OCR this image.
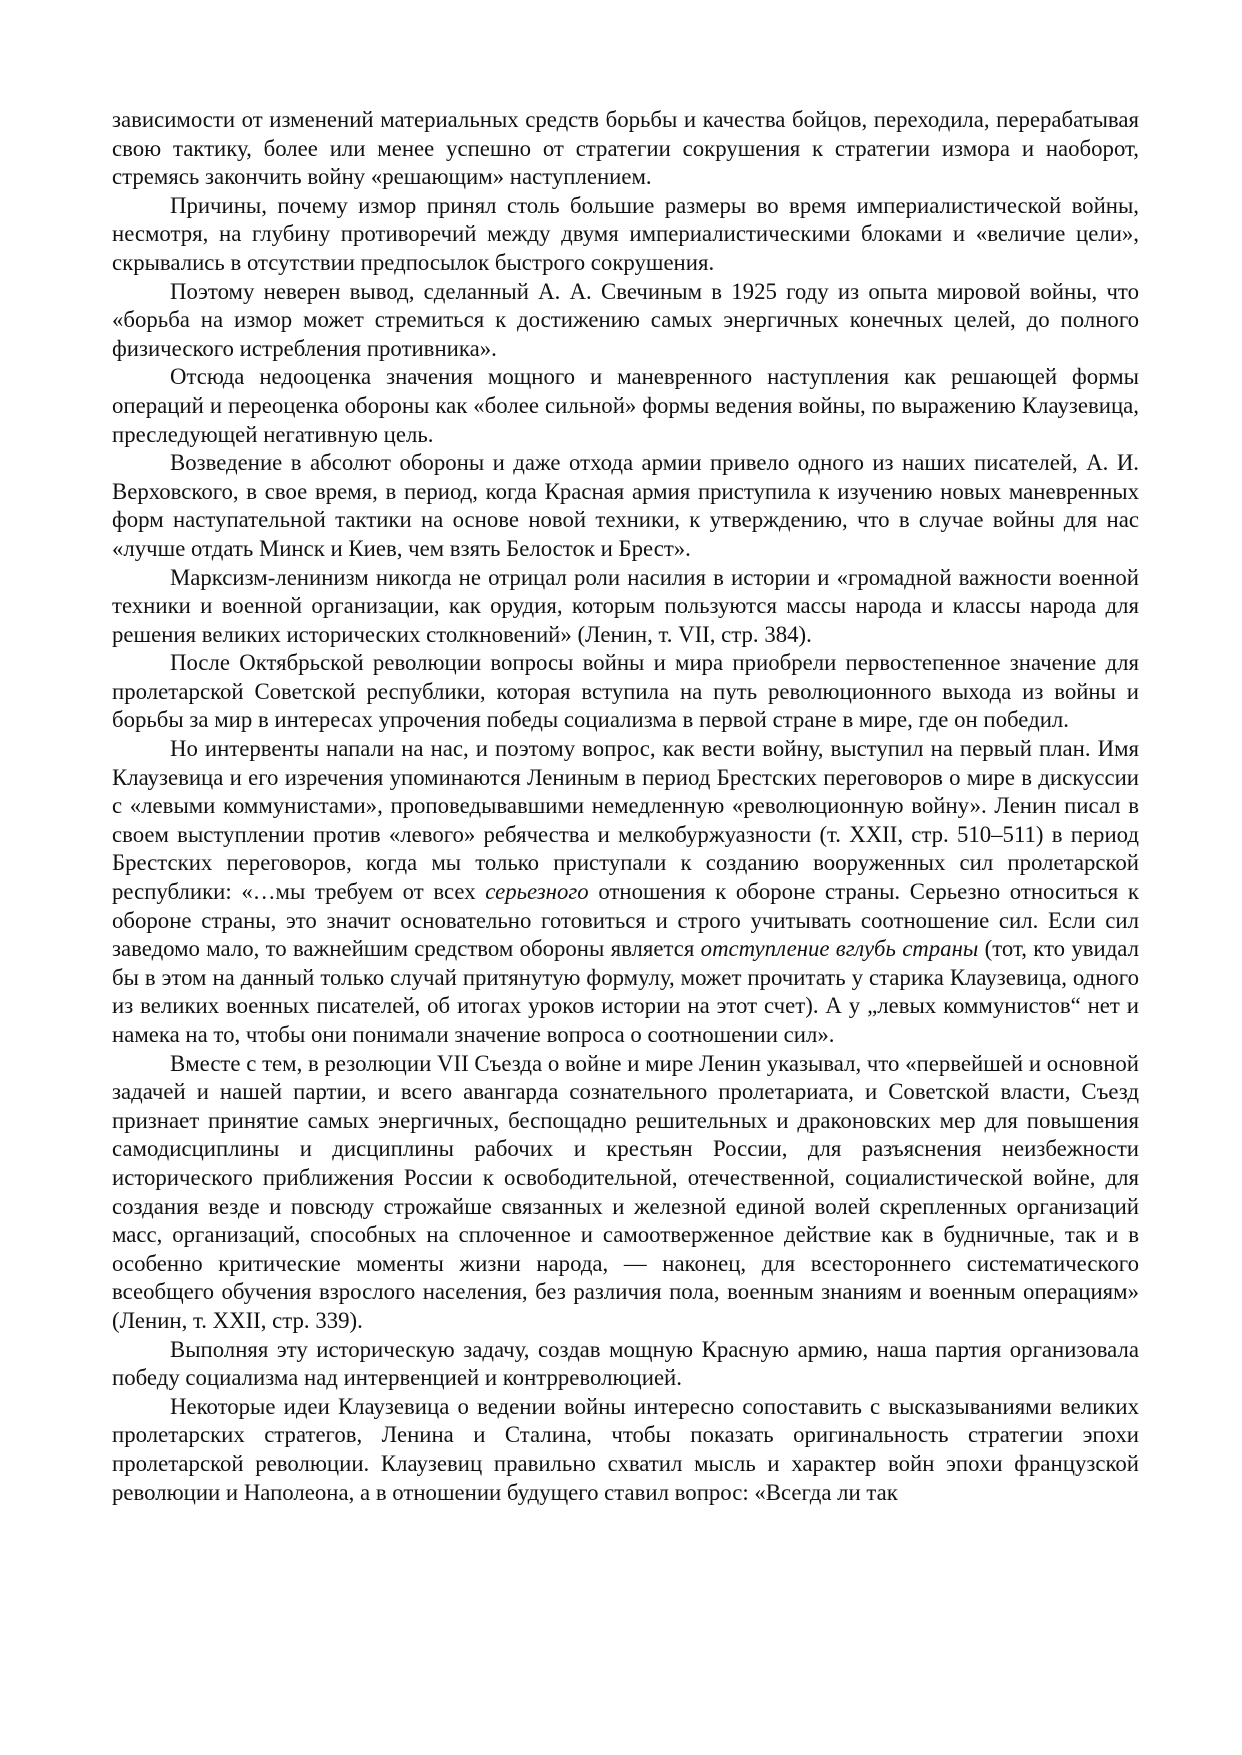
зависимости от изменений материальных средств борьбы и качества бойцов, переходила, перерабатывая свою тактику, более или менее успешно от стратегии сокрушения к стратегии измора и наоборот, стремясь закончить войну «решающим» наступлением.

Причины, почему измор принял столь большие размеры во время империалистической войны, несмотря, на глубину противоречий между двумя империалистическими блоками и «величие цели», скрывались в отсутствии предпосылок быстрого сокрушения.

Поэтому неверен вывод, сделанный А. А. Свечиным в 1925 году из опыта мировой войны, что «борьба на измор может стремиться к достижению самых энергичных конечных целей, до полного физического истребления противника».

Отсюда недооценка значения мощного и маневренного наступления как решающей формы операций и переоценка обороны как «более сильной» формы ведения войны, по выражению Клаузевица, преследующей негативную цель.

Возведение в абсолют обороны и даже отхода армии привело одного из наших писателей, А. И. Верховского, в свое время, в период, когда Красная армия приступила к изучению новых маневренных форм наступательной тактики на основе новой техники, к утверждению, что в случае войны для нас «лучше отдать Минск и Киев, чем взять Белосток и Брест».

Марксизм-ленинизм никогда не отрицал роли насилия в истории и «громадной важности военной техники и военной организации, как орудия, которым пользуются массы народа и классы народа для решения великих исторических столкновений» (Ленин, т. VII, стр. 384).

После Октябрьской революции вопросы войны и мира приобрели первостепенное значение для пролетарской Советской республики, которая вступила на путь революционного выхода из войны и борьбы за мир в интересах упрочения победы социализма в первой стране в мире, где он победил.

Но интервенты напали на нас, и поэтому вопрос, как вести войну, выступил на первый план. Имя Клаузевица и его изречения упоминаются Лениным в период Брестских переговоров о мире в дискуссии с «левыми коммунистами», проповедывавшими немедленную «революционную войну». Ленин писал в своем выступлении против «левого» ребячества и мелкобуржуазности (т. XXII, стр. 510–511) в период Брестских переговоров, когда мы только приступали к созданию вооруженных сил пролетарской республики: «…мы требуем от всех серьезного отношения к обороне страны. Серьезно относиться к обороне страны, это значит основательно готовиться и строго учитывать соотношение сил. Если сил заведомо мало, то важнейшим средством обороны является отступление вглубь страны (тот, кто увидал бы в этом на данный только случай притянутую формулу, может прочитать у старика Клаузевица, одного из великих военных писателей, об итогах уроков истории на этот счет). А у „левых коммунистов“ нет и намека на то, чтобы они понимали значение вопроса о соотношении сил».

Вместе с тем, в резолюции VII Съезда о войне и мире Ленин указывал, что «первейшей и основной задачей и нашей партии, и всего авангарда сознательного пролетариата, и Советской власти, Съезд признает принятие самых энергичных, беспощадно решительных и драконовских мер для повышения самодисциплины и дисциплины рабочих и крестьян России, для разъяснения неизбежности исторического приближения России к освободительной, отечественной, социалистической войне, для создания везде и повсюду строжайше связанных и железной единой волей скрепленных организаций масс, организаций, способных на сплоченное и самоотверженное действие как в будничные, так и в особенно критические моменты жизни народа, — наконец, для всестороннего систематического всеобщего обучения взрослого населения, без различия пола, военным знаниям и военным операциям» (Ленин, т. XXII, стр. 339).

Выполняя эту историческую задачу, создав мощную Красную армию, наша партия организовала победу социализма над интервенцией и контрреволюцией.

Некоторые идеи Клаузевица о ведении войны интересно сопоставить с высказываниями великих пролетарских стратегов, Ленина и Сталина, чтобы показать оригинальность стратегии эпохи пролетарской революции. Клаузевиц правильно схватил мысль и характер войн эпохи французской революции и Наполеона, а в отношении будущего ставил вопрос: «Всегда ли так
